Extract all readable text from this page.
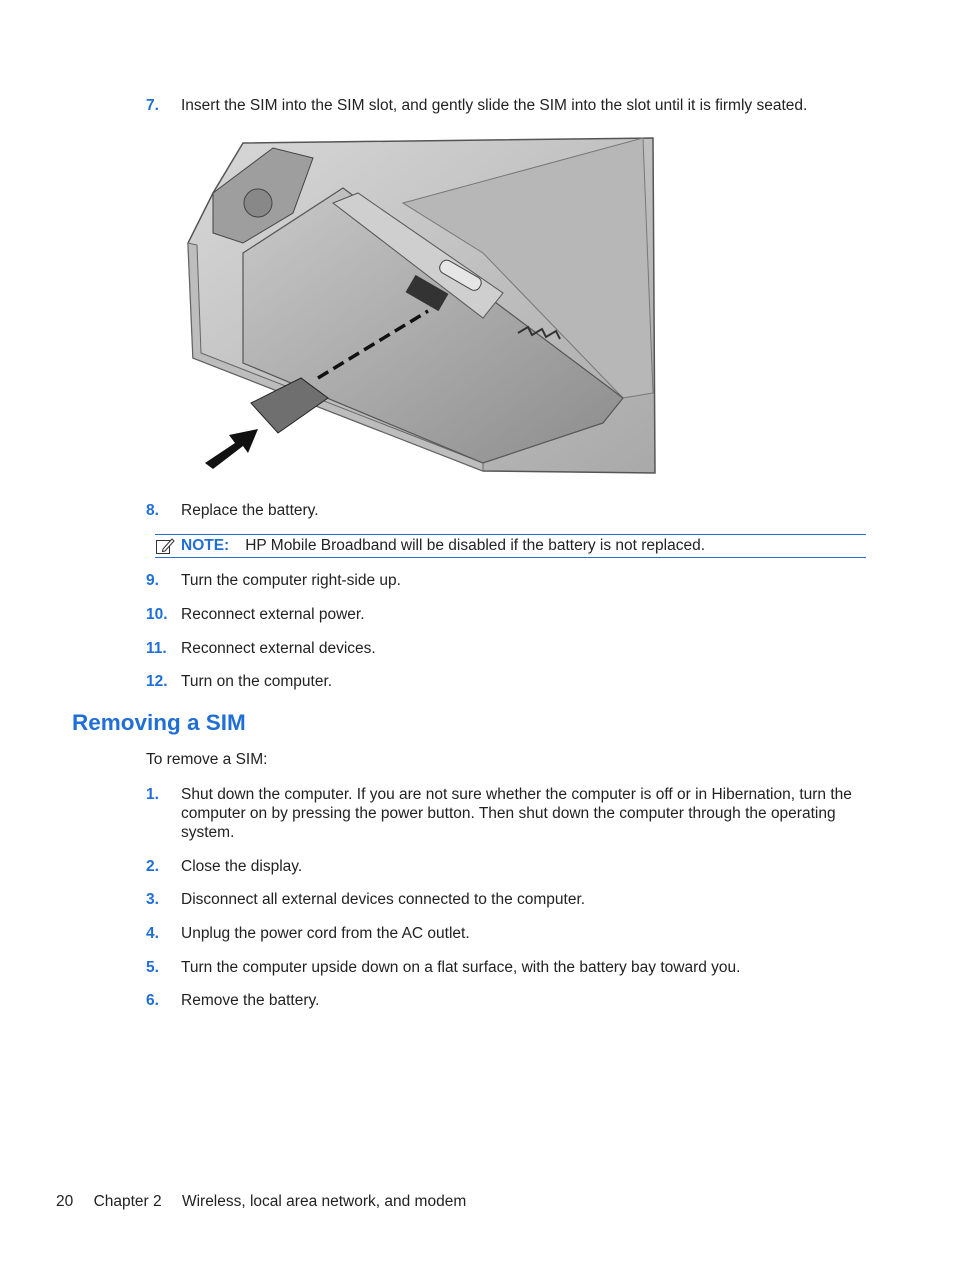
7.	Insert the SIM into the SIM slot, and gently slide the SIM into the slot until it is firmly seated.
8.	Replace the battery.
NOTE: HP Mobile Broadband will be disabled if the battery is not replaced.
9.	Turn the computer right-side up.
10. Reconnect external power.
11. Reconnect external devices.
12. Turn on the computer.
Removing a SIM
To remove a SIM:
1.	Shut down the computer. If you are not sure whether the computer is off or in Hibernation, turn the computer on by pressing the power button. Then shut down the computer through the operating system.
2.	Close the display.
3.	Disconnect all external devices connected to the computer.
4.	Unplug the power cord from the AC outlet.
5.	Turn the computer upside down on a flat surface, with the battery bay toward you.
6.	Remove the battery.
20 Chapter 2 Wireless, local area network, and modem
